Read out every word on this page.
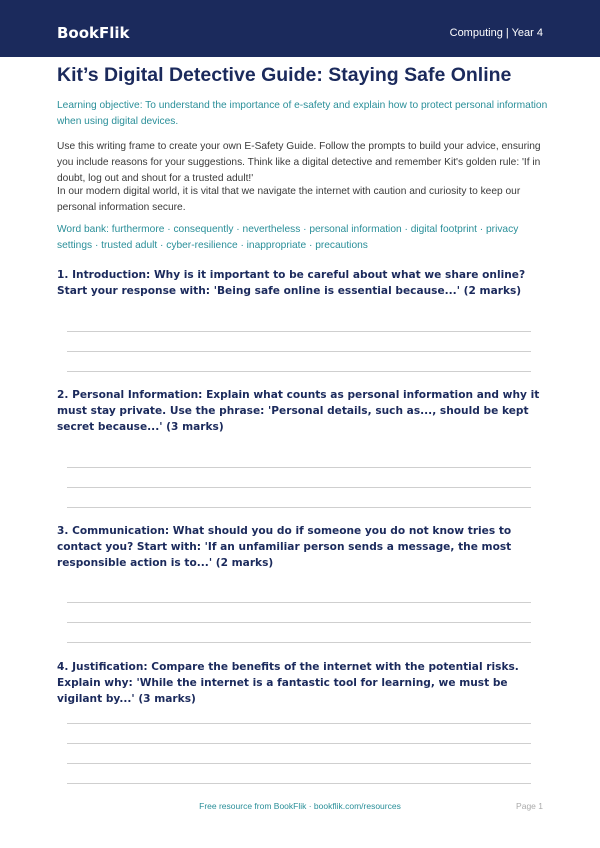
BookFlik	Computing | Year 4
Kit’s Digital Detective Guide: Staying Safe Online
Learning objective: To understand the importance of e-safety and explain how to protect personal information when using digital devices.
Use this writing frame to create your own E-Safety Guide. Follow the prompts to build your advice, ensuring you include reasons for your suggestions. Think like a digital detective and remember Kit's golden rule: 'If in doubt, log out and shout for a trusted adult!'
In our modern digital world, it is vital that we navigate the internet with caution and curiosity to keep our personal information secure.
Word bank: furthermore · consequently · nevertheless · personal information · digital footprint · privacy settings · trusted adult · cyber-resilience · inappropriate · precautions
1. Introduction: Why is it important to be careful about what we share online? Start your response with: 'Being safe online is essential because...' (2 marks)
2. Personal Information: Explain what counts as personal information and why it must stay private. Use the phrase: 'Personal details, such as..., should be kept secret because...' (3 marks)
3. Communication: What should you do if someone you do not know tries to contact you? Start with: 'If an unfamiliar person sends a message, the most responsible action is to...' (2 marks)
4. Justification: Compare the benefits of the internet with the potential risks. Explain why: 'While the internet is a fantastic tool for learning, we must be vigilant by...' (3 marks)
Free resource from BookFlik · bookflik.com/resources	Page 1
